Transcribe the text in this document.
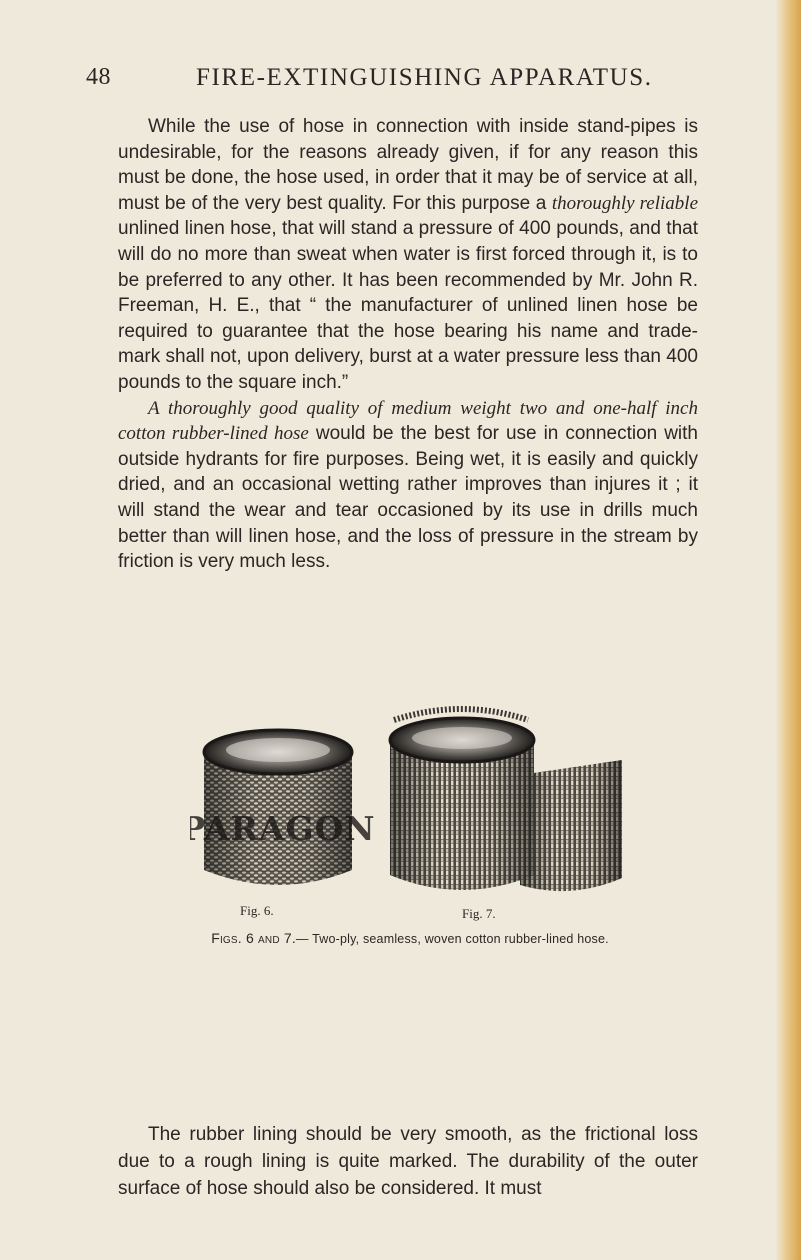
48	FIRE-EXTINGUISHING APPARATUS.

While the use of hose in connection with inside stand-pipes is undesirable, for the reasons already given, if for any reason this must be done, the hose used, in order that it may be of service at all, must be of the very best quality. For this purpose a thoroughly reliable unlined linen hose, that will stand a pressure of 400 pounds, and that will do no more than sweat when water is first forced through it, is to be preferred to any other. It has been recommended by Mr. John R. Freeman, H. E., that “ the manufacturer of unlined linen hose be required to guarantee that the hose bearing his name and trade-mark shall not, upon delivery, burst at a water pressure less than 400 pounds to the square inch.”

A thoroughly good quality of medium weight two and one-half inch cotton rubber-lined hose would be the best for use in connection with outside hydrants for fire purposes. Being wet, it is easily and quickly dried, and an occasional wetting rather improves than injures it ; it will stand the wear and tear occasioned by its use in drills much better than will linen hose, and the loss of pressure in the stream by friction is very much less.

PARAGON
Fig. 6.	Fig. 7.
Figs. 6 and 7.— Two-ply, seamless, woven cotton rubber-lined hose.

The rubber lining should be very smooth, as the frictional loss due to a rough lining is quite marked. The durability of the outer surface of hose should also be considered. It must
